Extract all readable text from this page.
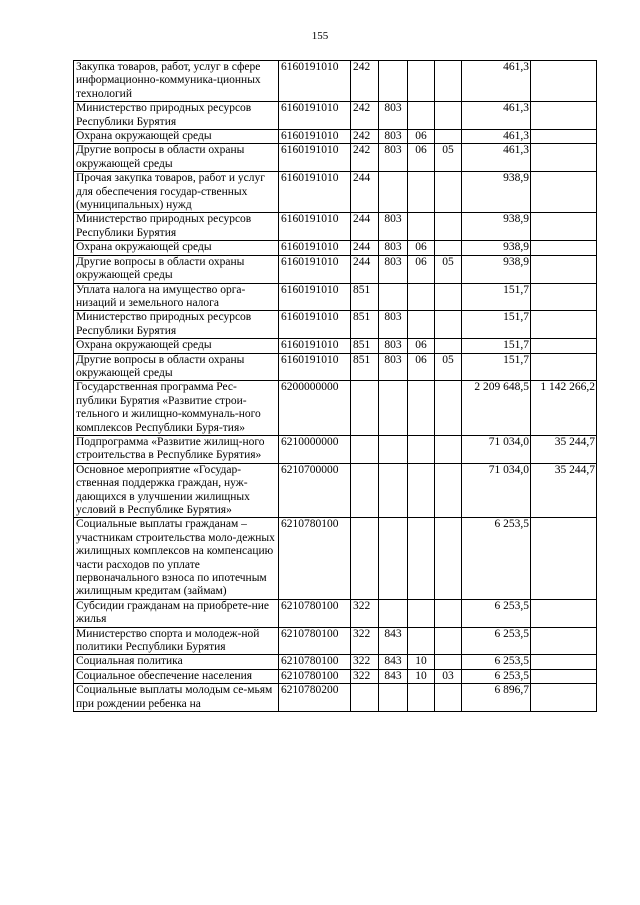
155
Закупка товаров, работ, услуг в сфере информационно-коммуника-ционных технологий	6160191010	242				461,3	
Министерство природных ресурсов Республики Бурятия	6160191010	242	803			461,3	
Охрана окружающей среды	6160191010	242	803	06		461,3	
Другие вопросы в области охраны окружающей среды	6160191010	242	803	06	05	461,3	
Прочая закупка товаров, работ и услуг для обеспечения государ-ственных (муниципальных) нужд	6160191010	244				938,9	
Министерство природных ресурсов Республики Бурятия	6160191010	244	803			938,9	
Охрана окружающей среды	6160191010	244	803	06		938,9	
Другие вопросы в области охраны окружающей среды	6160191010	244	803	06	05	938,9	
Уплата налога на имущество орга-низаций и земельного налога	6160191010	851				151,7	
Министерство природных ресурсов Республики Бурятия	6160191010	851	803			151,7	
Охрана окружающей среды	6160191010	851	803	06		151,7	
Другие вопросы в области охраны окружающей среды	6160191010	851	803	06	05	151,7	
Государственная программа Рес-публики Бурятия «Развитие строи-тельного и жилищно-коммуналь-ного комплексов Республики Буря-тия»	6200000000					2 209 648,5	1 142 266,2
Подпрограмма «Развитие жилищ-ного строительства в Республике Бурятия»	6210000000					71 034,0	35 244,7
Основное мероприятие «Государ-ственная поддержка граждан, нуж-дающихся в улучшении жилищных условий в Республике Бурятия»	6210700000					71 034,0	35 244,7
Социальные выплаты гражданам – участникам строительства моло-дежных жилищных комплексов на компенсацию части расходов по уплате первоначального взноса по ипотечным жилищным кредитам (займам)	6210780100					6 253,5	
Субсидии гражданам на приобрете-ние жилья	6210780100	322				6 253,5	
Министерство спорта и молодеж-ной политики Республики Бурятия	6210780100	322	843			6 253,5	
Социальная политика	6210780100	322	843	10		6 253,5	
Социальное обеспечение населения	6210780100	322	843	10	03	6 253,5	
Социальные выплаты молодым се-мьям при рождении ребенка на	6210780200					6 896,7	
